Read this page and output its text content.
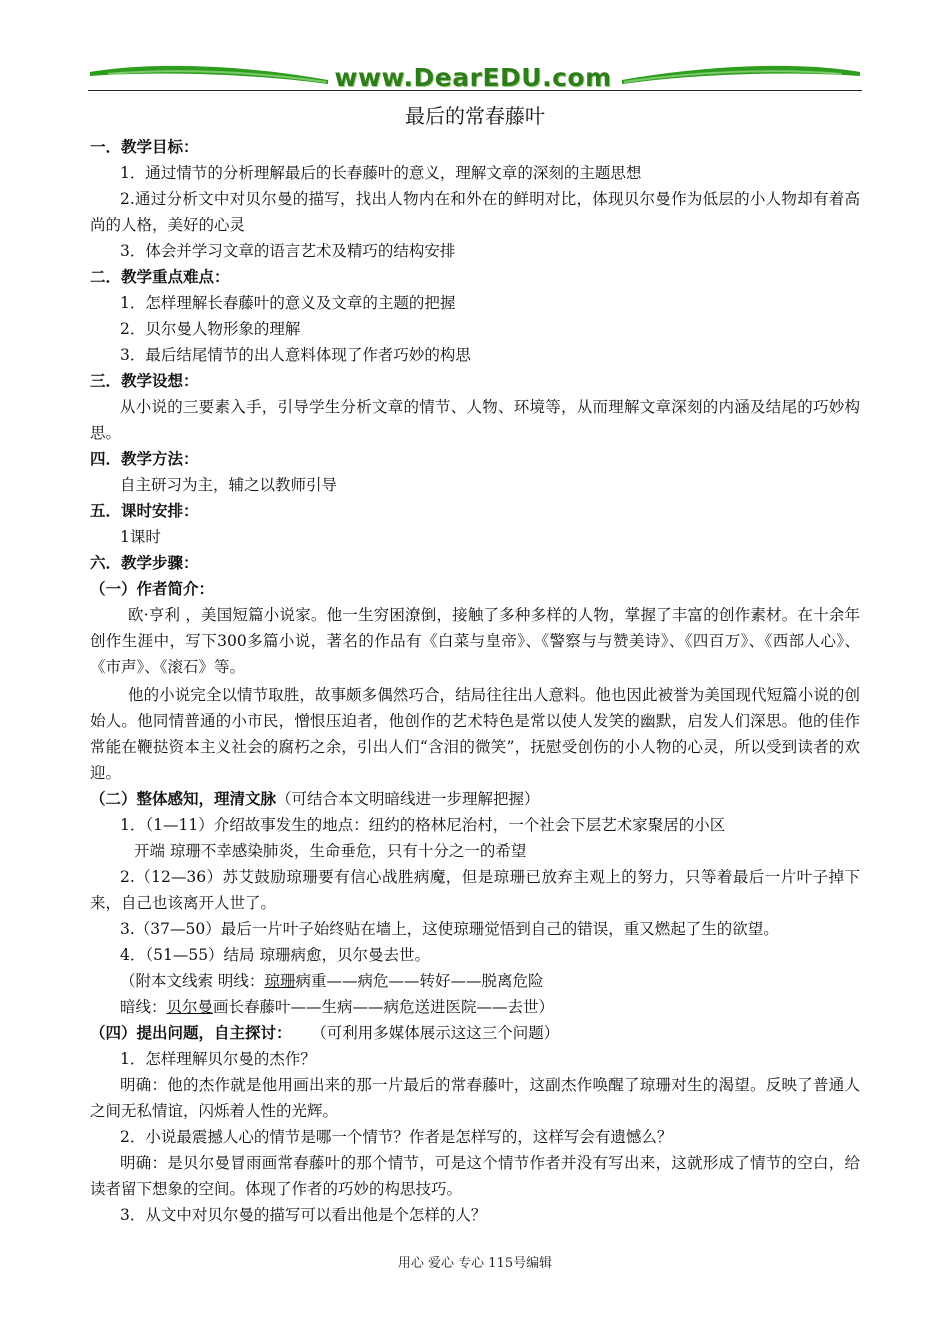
www.DearEDU.com
最后的常春藤叶

一．教学目标：

1．通过情节的分析理解最后的长春藤叶的意义，理解文章的深刻的主题思想

2.通过分析文中对贝尔曼的描写，找出人物内在和外在的鲜明对比，体现贝尔曼作为低层的小人物却有着高尚的人格，美好的心灵

3．体会并学习文章的语言艺术及精巧的结构安排

二．教学重点难点：

1．怎样理解长春藤叶的意义及文章的主题的把握

2．贝尔曼人物形象的理解

3．最后结尾情节的出人意料体现了作者巧妙的构思

三．教学设想：

从小说的三要素入手，引导学生分析文章的情节、人物、环境等，从而理解文章深刻的内涵及结尾的巧妙构思。

四．教学方法：

自主研习为主，辅之以教师引导

五．课时安排：

1课时

六．教学步骤：

（一）作者简介：

欧·亨利 ，美国短篇小说家。他一生穷困潦倒，接触了多种多样的人物，掌握了丰富的创作素材。在十余年创作生涯中，写下300多篇小说，著名的作品有《白菜与皇帝》、《警察与与赞美诗》、《四百万》、《西部人心》、《市声》、《滚石》等。

他的小说完全以情节取胜，故事颇多偶然巧合，结局往往出人意料。他也因此被誉为美国现代短篇小说的创始人。他同情普通的小市民，憎恨压迫者，他创作的艺术特色是常以使人发笑的幽默，启发人们深思。他的佳作常能在鞭挞资本主义社会的腐朽之余，引出人们“含泪的微笑”，抚慰受创伤的小人物的心灵，所以受到读者的欢迎。

（二）整体感知，理清文脉（可结合本文明暗线进一步理解把握）

1．（1—11）介绍故事发生的地点：纽约的格林尼治村，一个社会下层艺术家聚居的小区

开端 琼珊不幸感染肺炎，生命垂危，只有十分之一的希望

2.（12—36）苏艾鼓励琼珊要有信心战胜病魔，但是琼珊已放弃主观上的努力，只等着最后一片叶子掉下来，自己也该离开人世了。

3.（37—50）最后一片叶子始终贴在墙上，这使琼珊觉悟到自己的错误，重又燃起了生的欲望。

4．（51—55）结局 琼珊病愈，贝尔曼去世。

（附本文线索 明线：琼珊病重——病危——转好——脱离危险

暗线：贝尔曼画长春藤叶——生病——病危送进医院——去世）

（四）提出问题，自主探讨： （可利用多媒体展示这这三个问题）

1．怎样理解贝尔曼的杰作？

明确：他的杰作就是他用画出来的那一片最后的常春藤叶，这副杰作唤醒了琼珊对生的渴望。反映了普通人之间无私情谊，闪烁着人性的光辉。

2．小说最震撼人心的情节是哪一个情节？作者是怎样写的，这样写会有遗憾么？

明确：是贝尔曼冒雨画常春藤叶的那个情节，可是这个情节作者并没有写出来，这就形成了情节的空白，给读者留下想象的空间。体现了作者的巧妙的构思技巧。

3．从文中对贝尔曼的描写可以看出他是个怎样的人？

用心 爱心 专心 115号编辑
